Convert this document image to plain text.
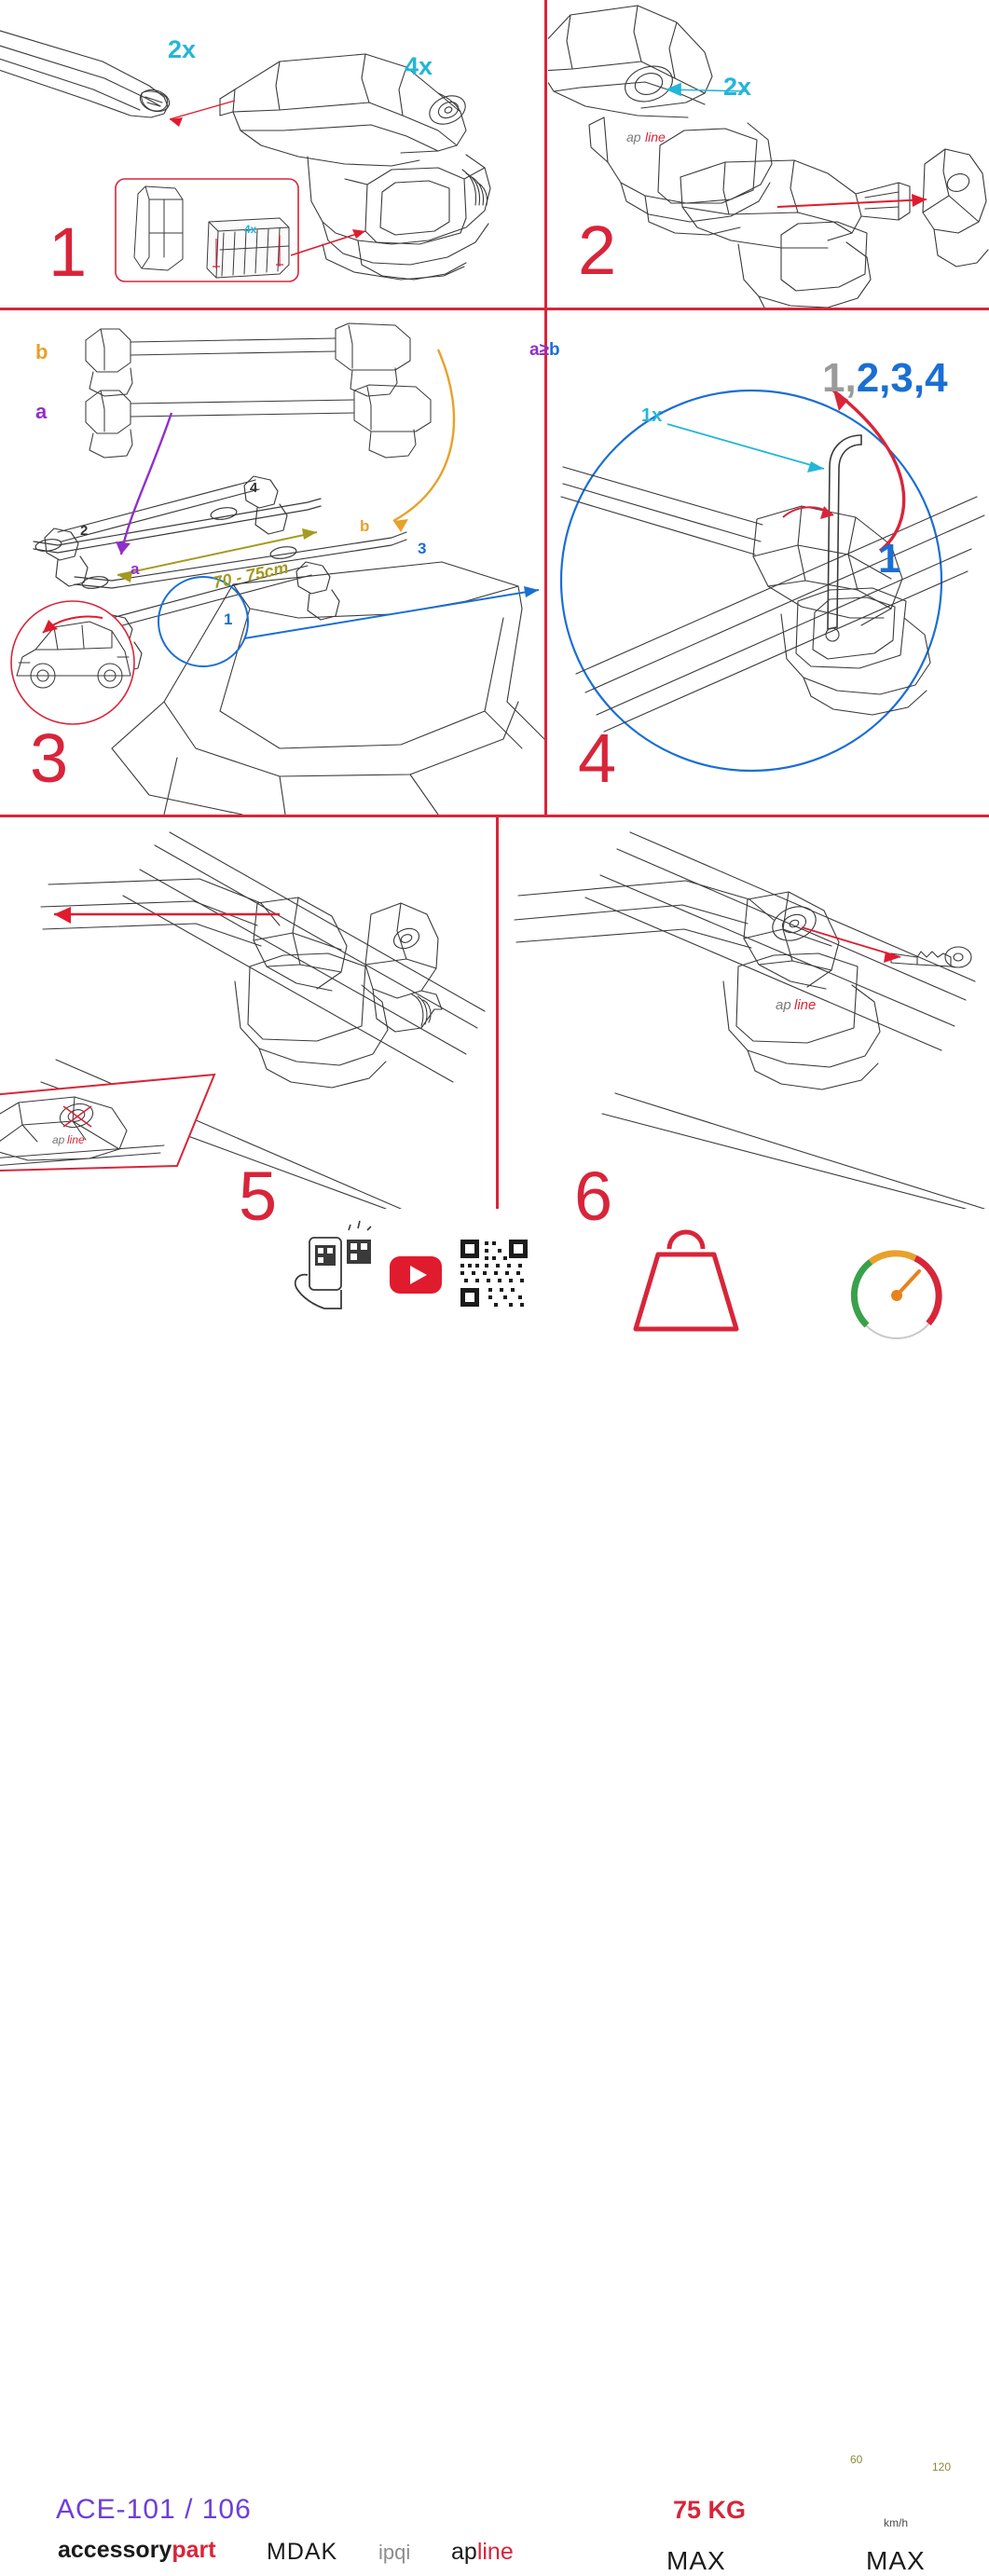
4x
2x
4x
1
ap line
2x
2
b
a
a
b
70 - 75cm
1
2
3
4
3
a≥b
1x
1,2,3,4
1
4
ap line
5
ap line
6
ACE-101 / 106
accessorypart MDAK ipqi apline
75 KG
MAX	MAX
km/h
60
120
